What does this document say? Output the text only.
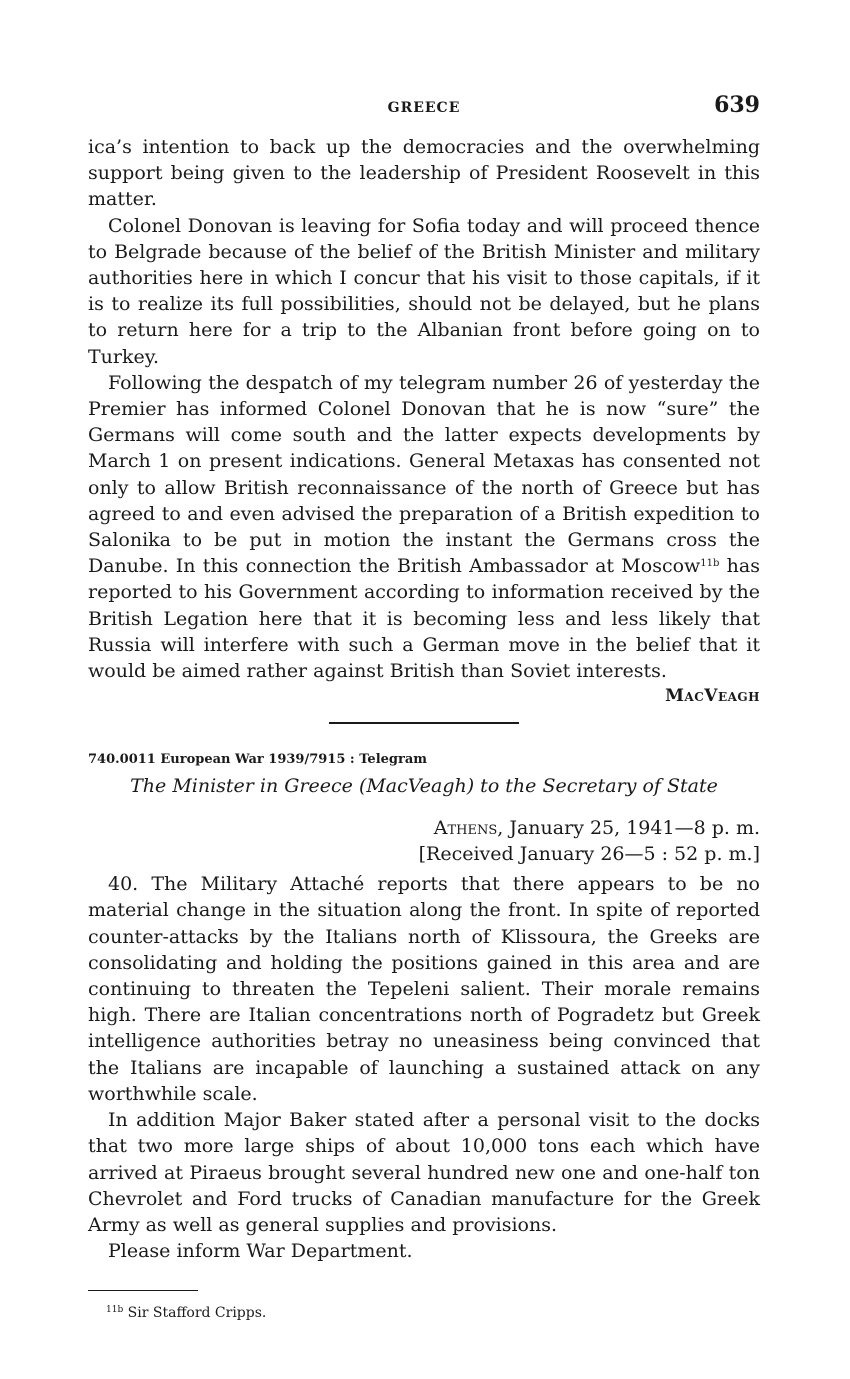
GREECE	639

ica’s intention to back up the democracies and the overwhelming support being given to the leadership of President Roosevelt in this matter.

Colonel Donovan is leaving for Sofia today and will proceed thence to Belgrade because of the belief of the British Minister and military authorities here in which I concur that his visit to those capitals, if it is to realize its full possibilities, should not be delayed, but he plans to return here for a trip to the Albanian front before going on to Turkey.

Following the despatch of my telegram number 26 of yesterday the Premier has informed Colonel Donovan that he is now “sure” the Germans will come south and the latter expects developments by March 1 on present indications. General Metaxas has consented not only to allow British reconnaissance of the north of Greece but has agreed to and even advised the preparation of a British expedition to Salonika to be put in motion the instant the Germans cross the Danube. In this connection the British Ambassador at Moscow$^{11b}$ has reported to his Government according to information received by the British Legation here that it is becoming less and less likely that Russia will interfere with such a German move in the belief that it would be aimed rather against British than Soviet interests.

MacVeagh
740.0011 European War 1939/7915 : Telegram
The Minister in Greece (MacVeagh) to the Secretary of State
Athens, January 25, 1941—8 p. m.
[Received January 26—5 : 52 p. m.]

40. The Military Attaché reports that there appears to be no material change in the situation along the front. In spite of reported counter-attacks by the Italians north of Klissoura, the Greeks are consolidating and holding the positions gained in this area and are continuing to threaten the Tepeleni salient. Their morale remains high. There are Italian concentrations north of Pogradetz but Greek intelligence authorities betray no uneasiness being convinced that the Italians are incapable of launching a sustained attack on any worthwhile scale.

In addition Major Baker stated after a personal visit to the docks that two more large ships of about 10,000 tons each which have arrived at Piraeus brought several hundred new one and one-half ton Chevrolet and Ford trucks of Canadian manufacture for the Greek Army as well as general supplies and provisions.

Please inform War Department.

$^{11b}$ Sir Stafford Cripps.
